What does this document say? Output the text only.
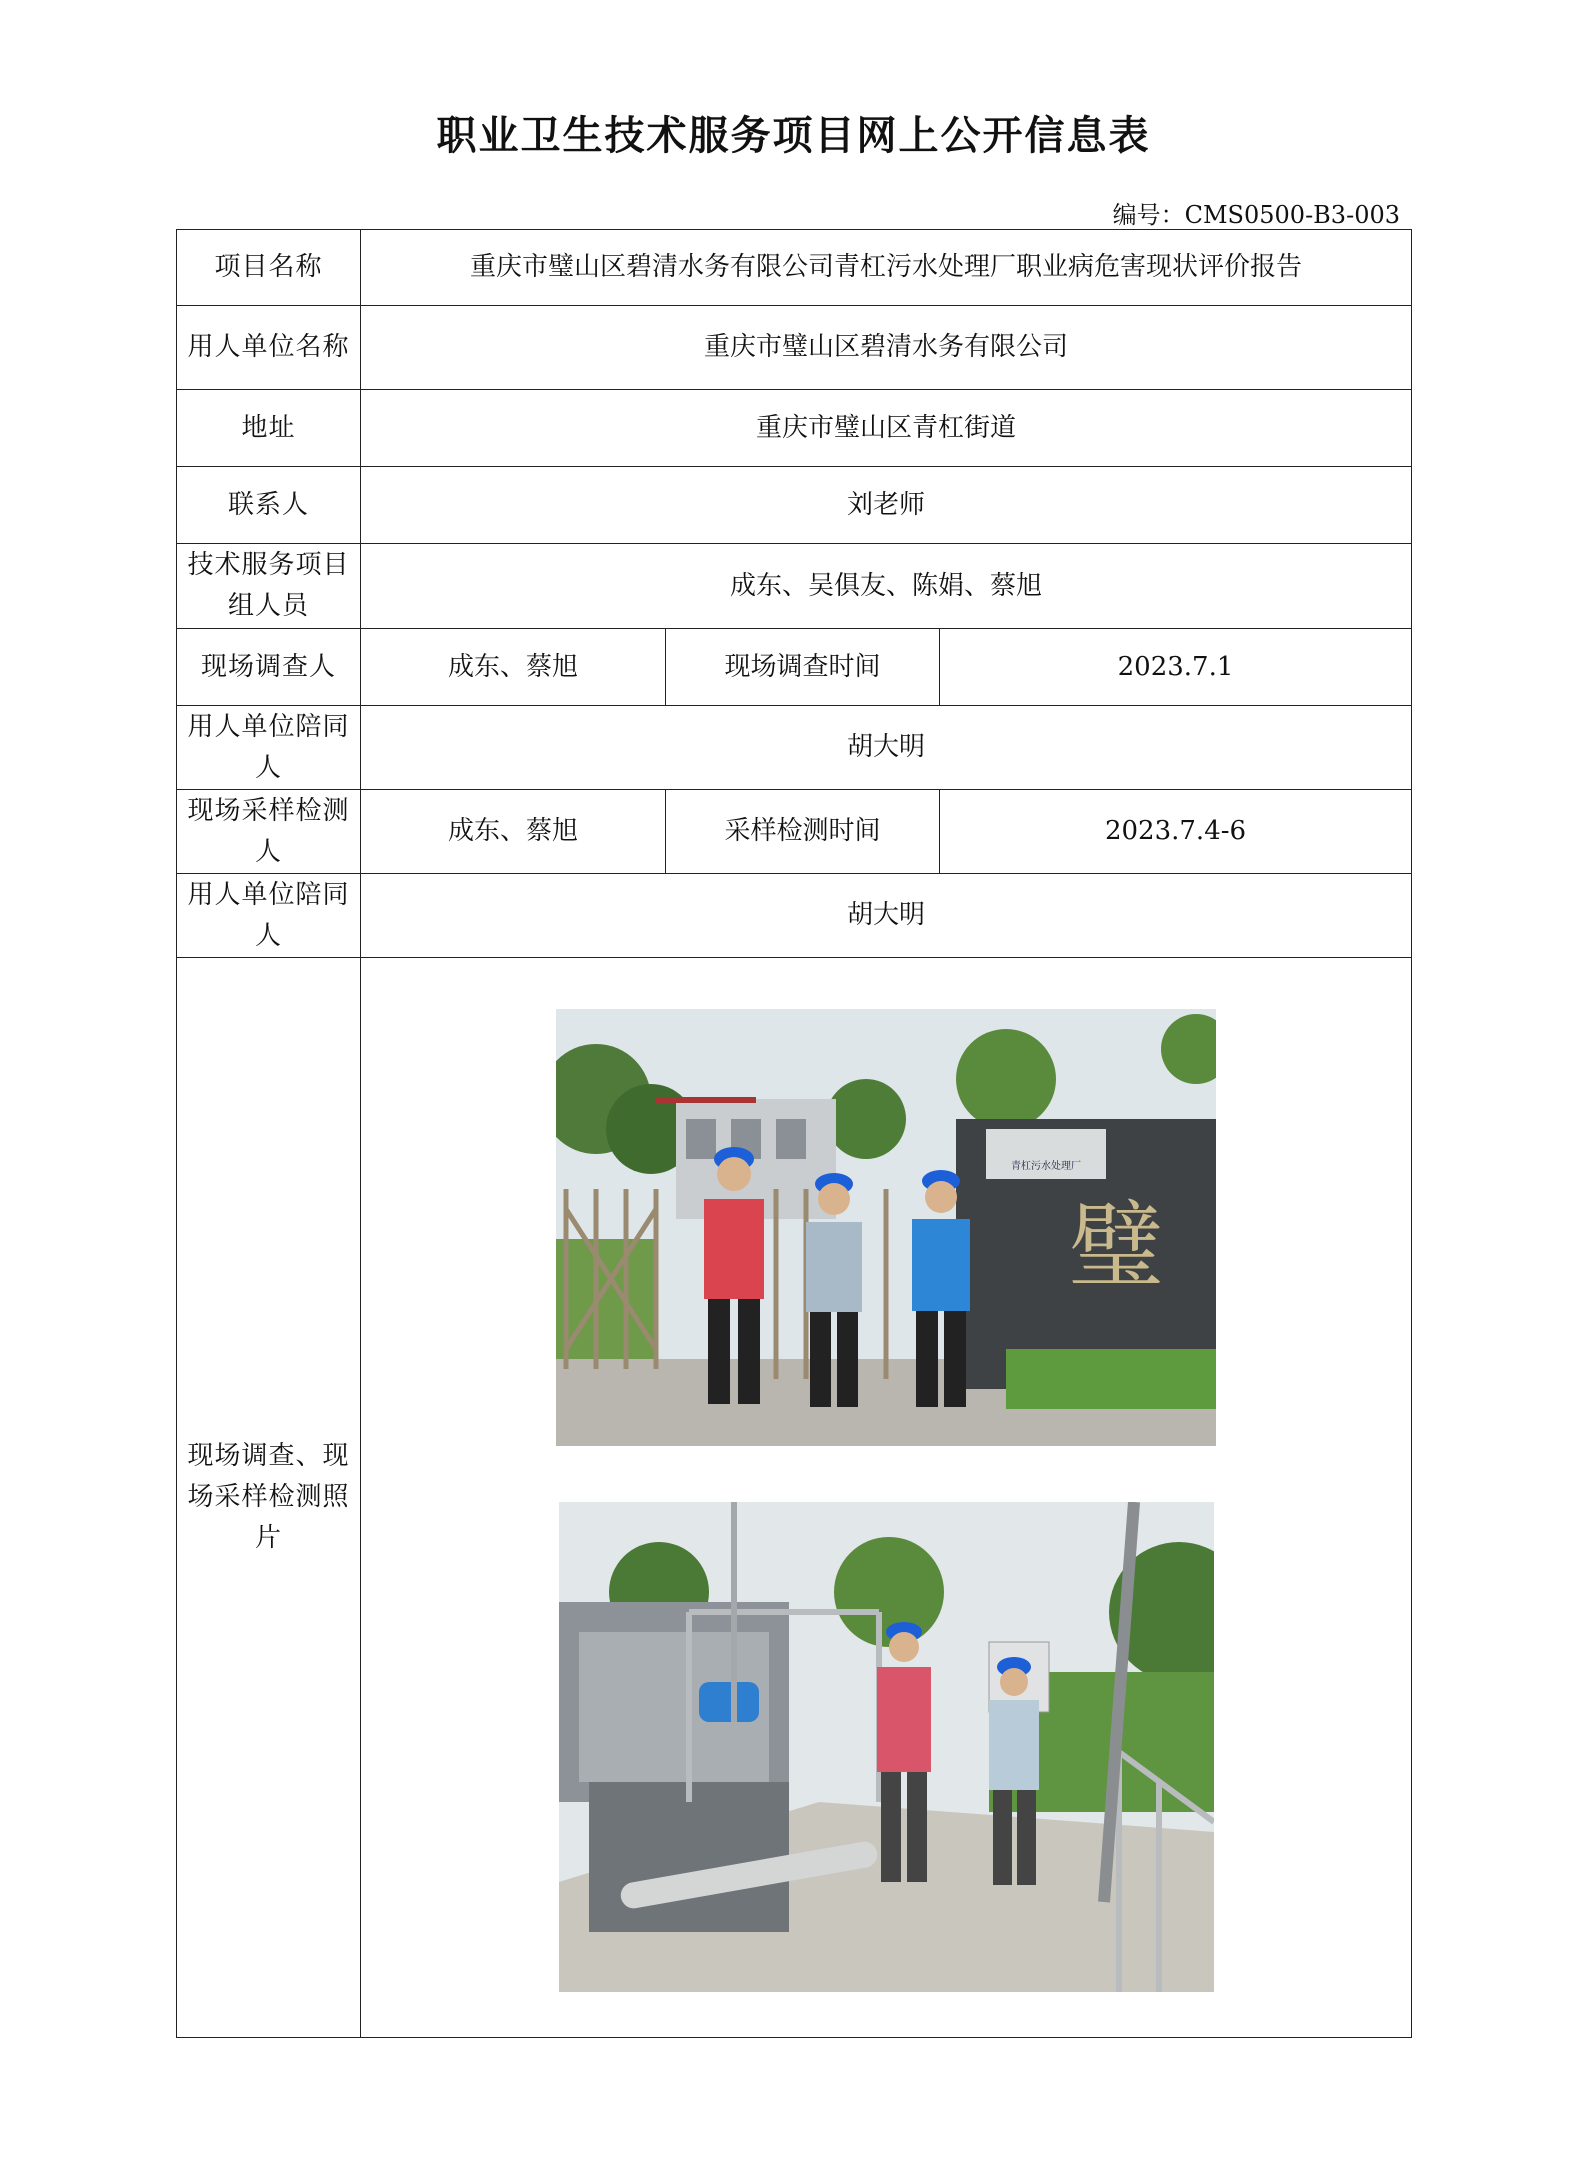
职业卫生技术服务项目网上公开信息表
编号：CMS0500-B3-003
项目名称	重庆市璧山区碧清水务有限公司青杠污水处理厂职业病危害现状评价报告		
用人单位名称	重庆市璧山区碧清水务有限公司		
地址	重庆市璧山区青杠街道		
联系人	刘老师		
技术服务项目组人员	成东、吴俱友、陈娟、蔡旭		
现场调查人	成东、蔡旭	现场调查时间	2023.7.1
用人单位陪同人	胡大明		
现场采样检测人	成东、蔡旭	采样检测时间	2023.7.4-6
用人单位陪同人	胡大明		
现场调查、现场采样检测照片	青杠污水处理厂
璧		
